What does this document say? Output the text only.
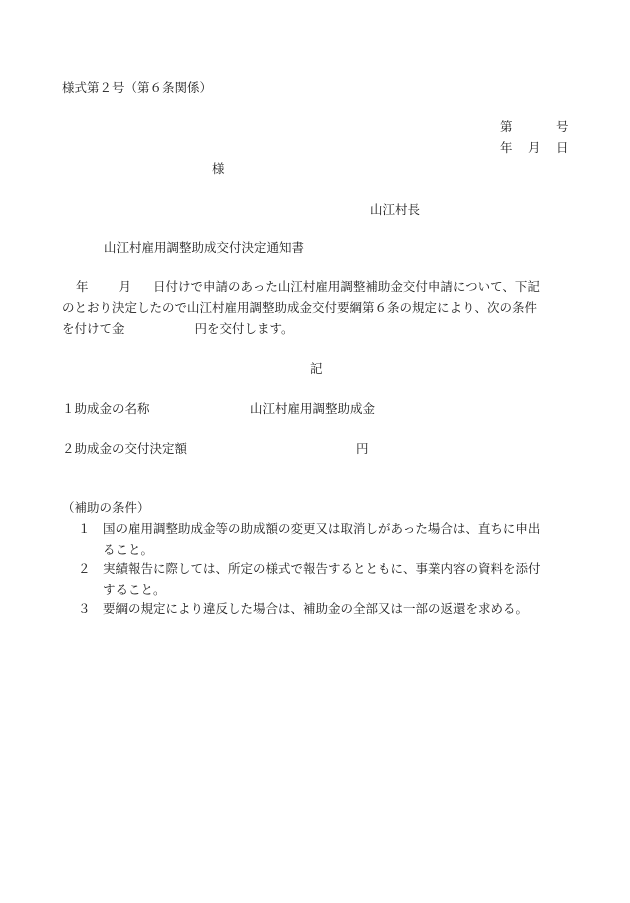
様式第２号（第６条関係）
第	号
年 月 日
様
山江村長
山江村雇用調整助成交付決定通知書
年 月 日付けで申請のあった山江村雇用調整補助金交付申請について、下記
のとおり決定したので山江村雇用調整助成金交付要綱第６条の規定により、次の条件
を付けて金	円を交付します。
記
１助成金の名称	山江村雇用調整助成金
２助成金の交付決定額	円
（補助の条件）
１ 国の雇用調整助成金等の助成額の変更又は取消しがあった場合は、直ちに申出
ること。
２ 実績報告に際しては、所定の様式で報告するとともに、事業内容の資料を添付
すること。
３ 要綱の規定により違反した場合は、補助金の全部又は一部の返還を求める。
